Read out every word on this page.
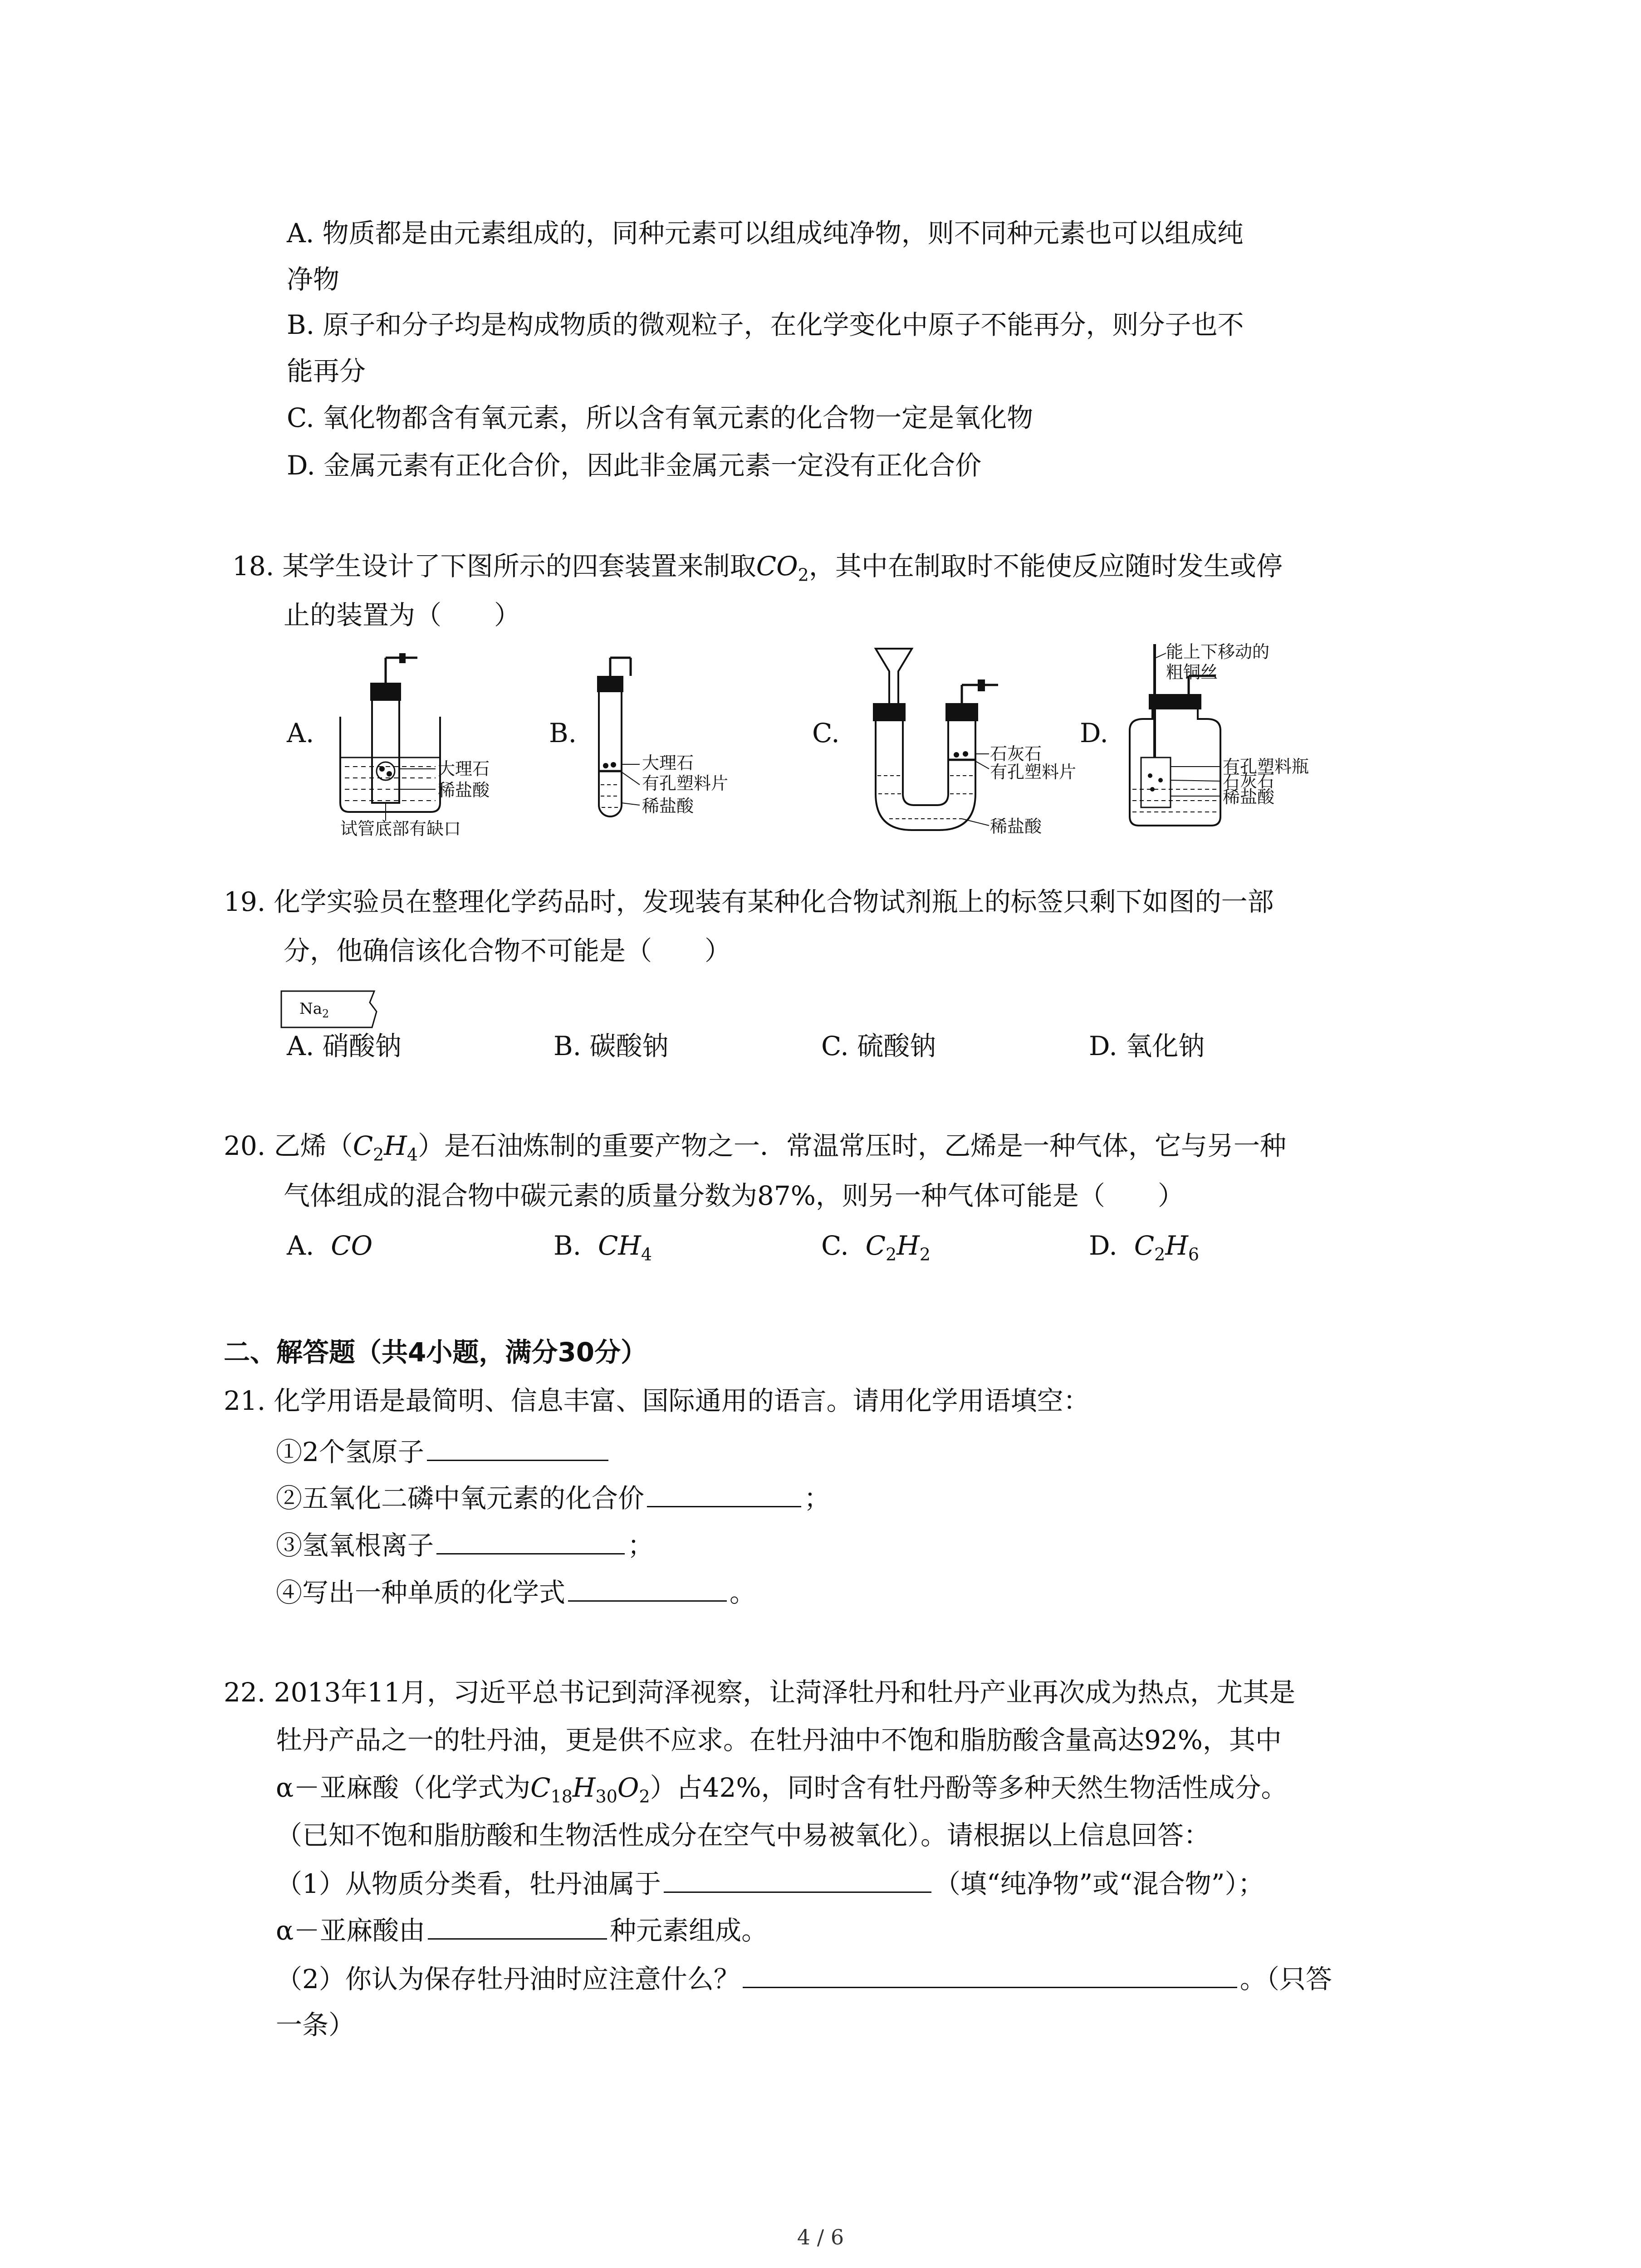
A. 物质都是由元素组成的，同种元素可以组成纯净物，则不同种元素也可以组成纯
净物
B. 原子和分子均是构成物质的微观粒子，在化学变化中原子不能再分，则分子也不
能再分
C. 氧化物都含有氧元素，所以含有氧元素的化合物一定是氧化物
D. 金属元素有正化合价，因此非金属元素一定没有正化合价
18. 某学生设计了下图所示的四套装置来制取$CO_2$，其中在制取时不能使反应随时发生或停
止的装置为（　　）
A.
大理石
稀盐酸
试管底部有缺口
B.
大理石
有孔塑料片
稀盐酸
C.
石灰石
有孔塑料片
稀盐酸
D.
能上下移动的
粗铜丝
有孔塑料瓶
石灰石
稀盐酸
19. 化学实验员在整理化学药品时，发现装有某种化合物试剂瓶上的标签只剩下如图的一部
分，他确信该化合物不可能是（　　）
$Na_2$
A. 硝酸钠	B. 碳酸钠	C. 硫酸钠	D. 氧化钠
20. 乙烯$(C_2H_4)$是石油炼制的重要产物之一．常温常压时，乙烯是一种气体，它与另一种
气体组成的混合物中碳元素的质量分数为87%，则另一种气体可能是（　　）
A. CO	B. $CH_4$	C. $C_2H_2$	D. $C_2H_6$
二、解答题（共4小题，满分30分）
21. 化学用语是最简明、信息丰富、国际通用的语言。请用化学用语填空：
①2个氢原子
②五氧化二磷中氧元素的化合价	；
③氢氧根离子	；
④写出一种单质的化学式	。
22. 2013年11月，习近平总书记到菏泽视察，让菏泽牡丹和牡丹产业再次成为热点，尤其是
牡丹产品之一的牡丹油，更是供不应求。在牡丹油中不饱和脂肪酸含量高达92%，其中
α－亚麻酸（化学式为$C_{18}H_{30}O_2$）占42%，同时含有牡丹酚等多种天然生物活性成分。
（已知不饱和脂肪酸和生物活性成分在空气中易被氧化）。请根据以上信息回答：
（1）从物质分类看，牡丹油属于	（填“纯净物”或“混合物”）；
α－亚麻酸由	种元素组成。
（2）你认为保存牡丹油时应注意什么？	。（只答
一条）
4 / 6
